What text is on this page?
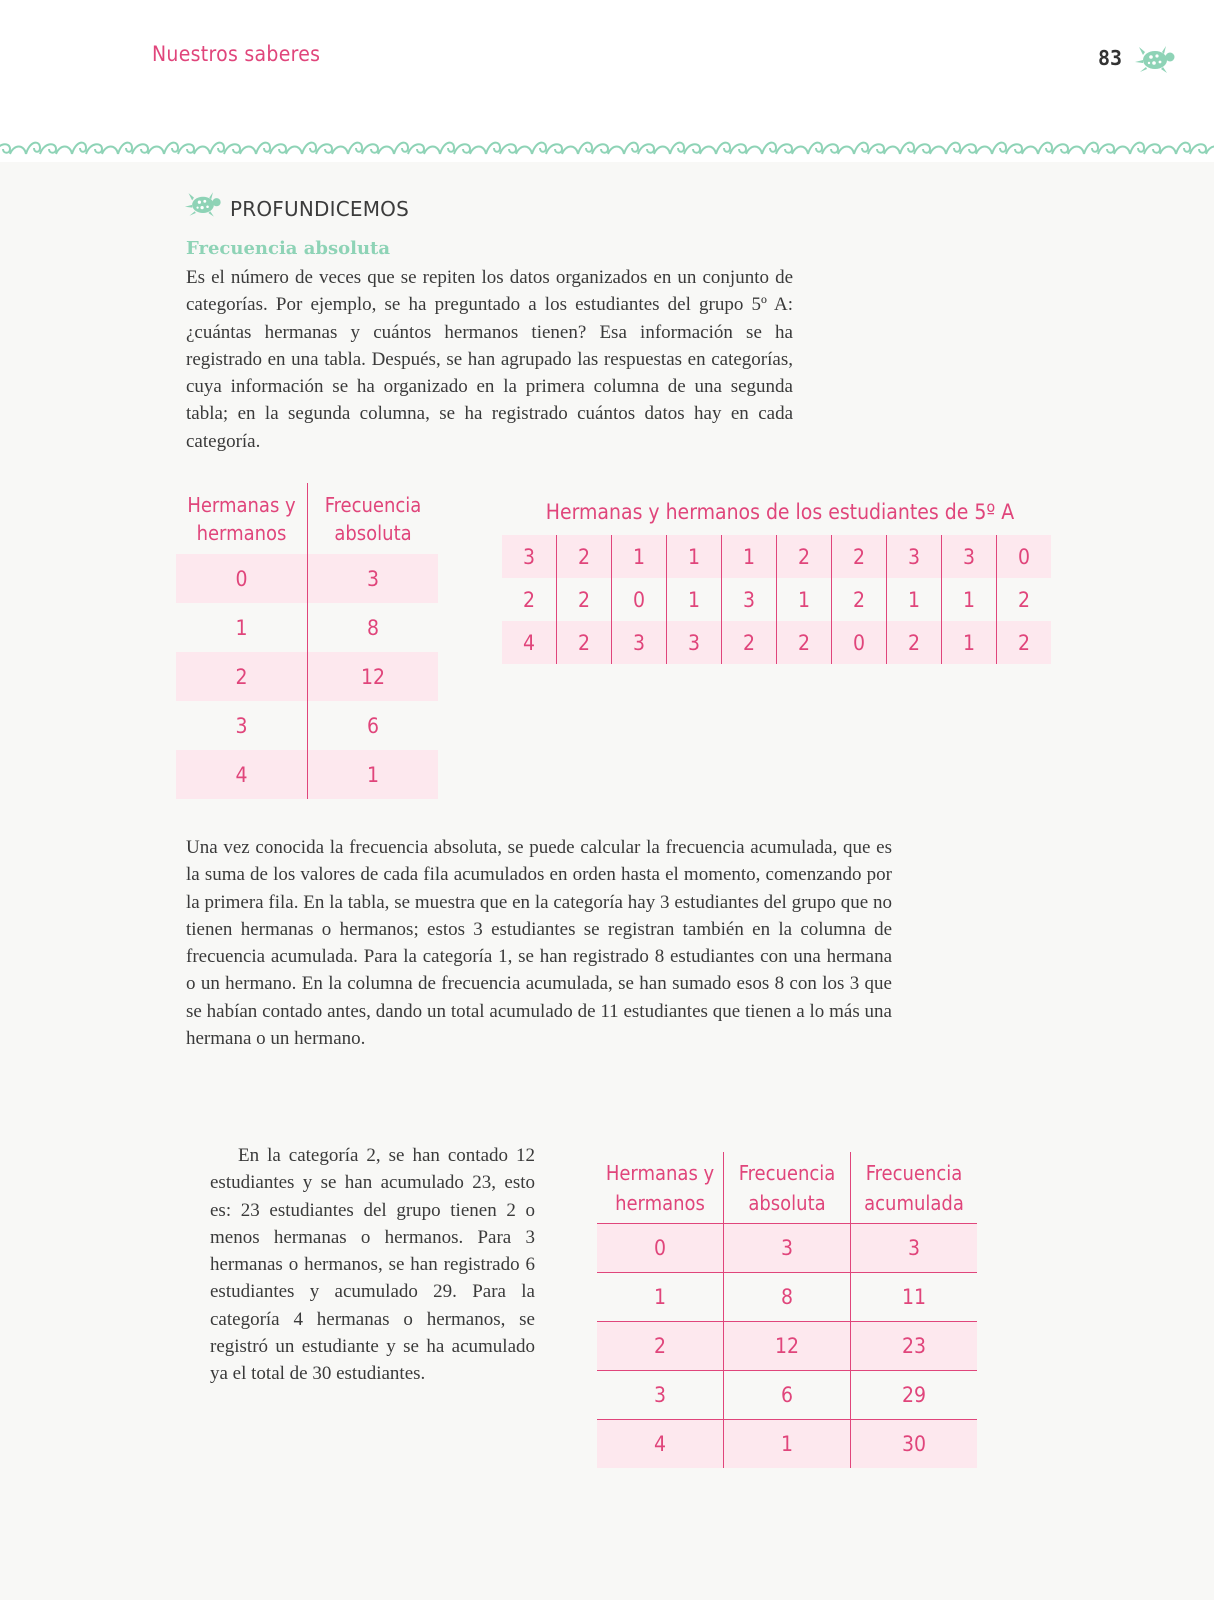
Nuestros saberes	83
PROFUNDICEMOS
Frecuencia absoluta

Es el número de veces que se repiten los datos organizados en un conjunto de categorías. Por ejemplo, se ha preguntado a los estudiantes del grupo 5º A: ¿cuántas hermanas y cuántos hermanos tienen? Esa información se ha registrado en una tabla. Después, se han agrupado las respuestas en categorías, cuya información se ha organizado en la primera columna de una segunda tabla; en la segunda columna, se ha registrado cuántos datos hay en cada categoría.

Hermanas y hermanos	Frecuencia absoluta
0	3
1	8
2	12
3	6
4	1
Hermanas y hermanos de los estudiantes de 5º A
3	2	1	1	1	2	2	3	3	0
2	2	0	1	3	1	2	1	1	2
4	2	3	3	2	2	0	2	1	2

Una vez conocida la frecuencia absoluta, se puede calcular la frecuencia acumulada, que es la suma de los valores de cada fila acumulados en orden hasta el momento, comenzando por la primera fila. En la tabla, se muestra que en la categoría hay 3 estudiantes del grupo que no tienen hermanas o hermanos; estos 3 estudiantes se registran también en la columna de frecuencia acumulada. Para la categoría 1, se han registrado 8 estudiantes con una hermana o un hermano. En la columna de frecuencia acumulada, se han sumado esos 8 con los 3 que se habían contado antes, dando un total acumulado de 11 estudiantes que tienen a lo más una hermana o un hermano.

En la categoría 2, se han contado 12 estudiantes y se han acumulado 23, esto es: 23 estudiantes del grupo tienen 2 o menos hermanas o hermanos. Para 3 hermanas o hermanos, se han registrado 6 estudiantes y acumulado 29. Para la categoría 4 hermanas o hermanos, se registró un estudiante y se ha acumulado ya el total de 30 estudiantes.

Hermanas y hermanos	Frecuencia absoluta	Frecuencia acumulada
0	3	3
1	8	11
2	12	23
3	6	29
4	1	30
